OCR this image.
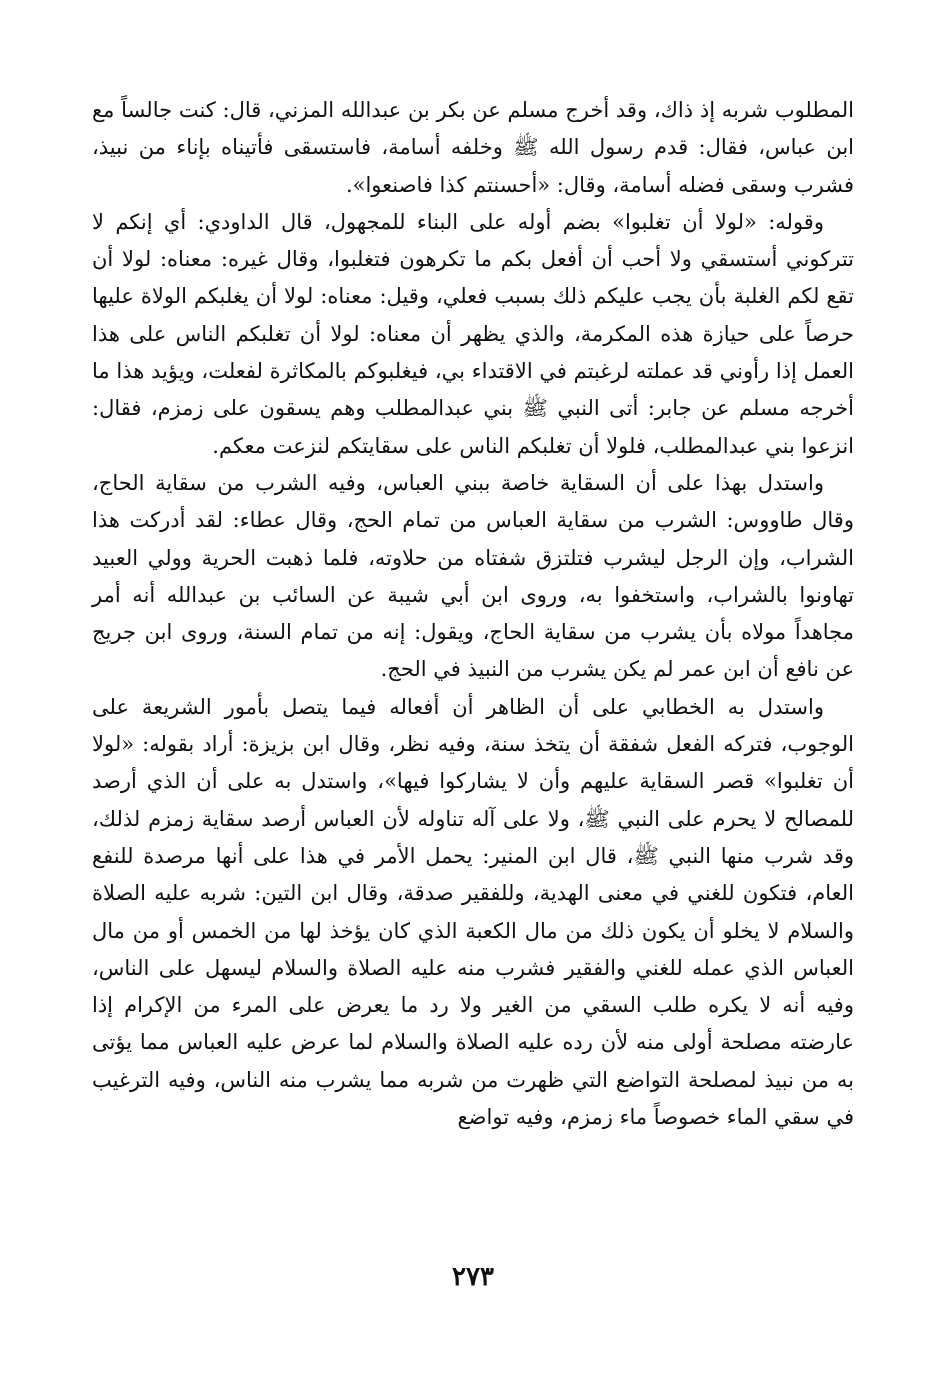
المطلوب شربه إذ ذاك، وقد أخرج مسلم عن بكر بن عبدالله المزني، قال: كنت جالساً مع ابن عباس، فقال: قدم رسول الله ﷺ وخلفه أسامة، فاستسقى فأتيناه بإناء من نبيذ، فشرب وسقى فضله أسامة، وقال: «أحسنتم كذا فاصنعوا».

وقوله: «لولا أن تغلبوا» بضم أوله على البناء للمجهول، قال الداودي: أي إنكم لا تتركوني أستسقي ولا أحب أن أفعل بكم ما تكرهون فتغلبوا، وقال غيره: معناه: لولا أن تقع لكم الغلبة بأن يجب عليكم ذلك بسبب فعلي، وقيل: معناه: لولا أن يغلبكم الولاة عليها حرصاً على حيازة هذه المكرمة، والذي يظهر أن معناه: لولا أن تغلبكم الناس على هذا العمل إذا رأوني قد عملته لرغبتم في الاقتداء بي، فيغلبوكم بالمكاثرة لفعلت، ويؤيد هذا ما أخرجه مسلم عن جابر: أتى النبي ﷺ بني عبدالمطلب وهم يسقون على زمزم، فقال: انزعوا بني عبدالمطلب، فلولا أن تغلبكم الناس على سقايتكم لنزعت معكم.

واستدل بهذا على أن السقاية خاصة ببني العباس، وفيه الشرب من سقاية الحاج، وقال طاووس: الشرب من سقاية العباس من تمام الحج، وقال عطاء: لقد أدركت هذا الشراب، وإن الرجل ليشرب فتلتزق شفتاه من حلاوته، فلما ذهبت الحرية وولي العبيد تهاونوا بالشراب، واستخفوا به، وروى ابن أبي شيبة عن السائب بن عبدالله أنه أمر مجاهداً مولاه بأن يشرب من سقاية الحاج، ويقول: إنه من تمام السنة، وروى ابن جريج عن نافع أن ابن عمر لم يكن يشرب من النبيذ في الحج.

واستدل به الخطابي على أن الظاهر أن أفعاله فيما يتصل بأمور الشريعة على الوجوب، فتركه الفعل شفقة أن يتخذ سنة، وفيه نظر، وقال ابن بزيزة: أراد بقوله: «لولا أن تغلبوا» قصر السقاية عليهم وأن لا يشاركوا فيها»، واستدل به على أن الذي أرصد للمصالح لا يحرم على النبي ﷺ، ولا على آله تناوله لأن العباس أرصد سقاية زمزم لذلك، وقد شرب منها النبي ﷺ، قال ابن المنير: يحمل الأمر في هذا على أنها مرصدة للنفع العام، فتكون للغني في معنى الهدية، وللفقير صدقة، وقال ابن التين: شربه عليه الصلاة والسلام لا يخلو أن يكون ذلك من مال الكعبة الذي كان يؤخذ لها من الخمس أو من مال العباس الذي عمله للغني والفقير فشرب منه عليه الصلاة والسلام ليسهل على الناس، وفيه أنه لا يكره طلب السقي من الغير ولا رد ما يعرض على المرء من الإكرام إذا عارضته مصلحة أولى منه لأن رده عليه الصلاة والسلام لما عرض عليه العباس مما يؤتى به من نبيذ لمصلحة التواضع التي ظهرت من شربه مما يشرب منه الناس، وفيه الترغيب في سقي الماء خصوصاً ماء زمزم، وفيه تواضع

٢٧٣
